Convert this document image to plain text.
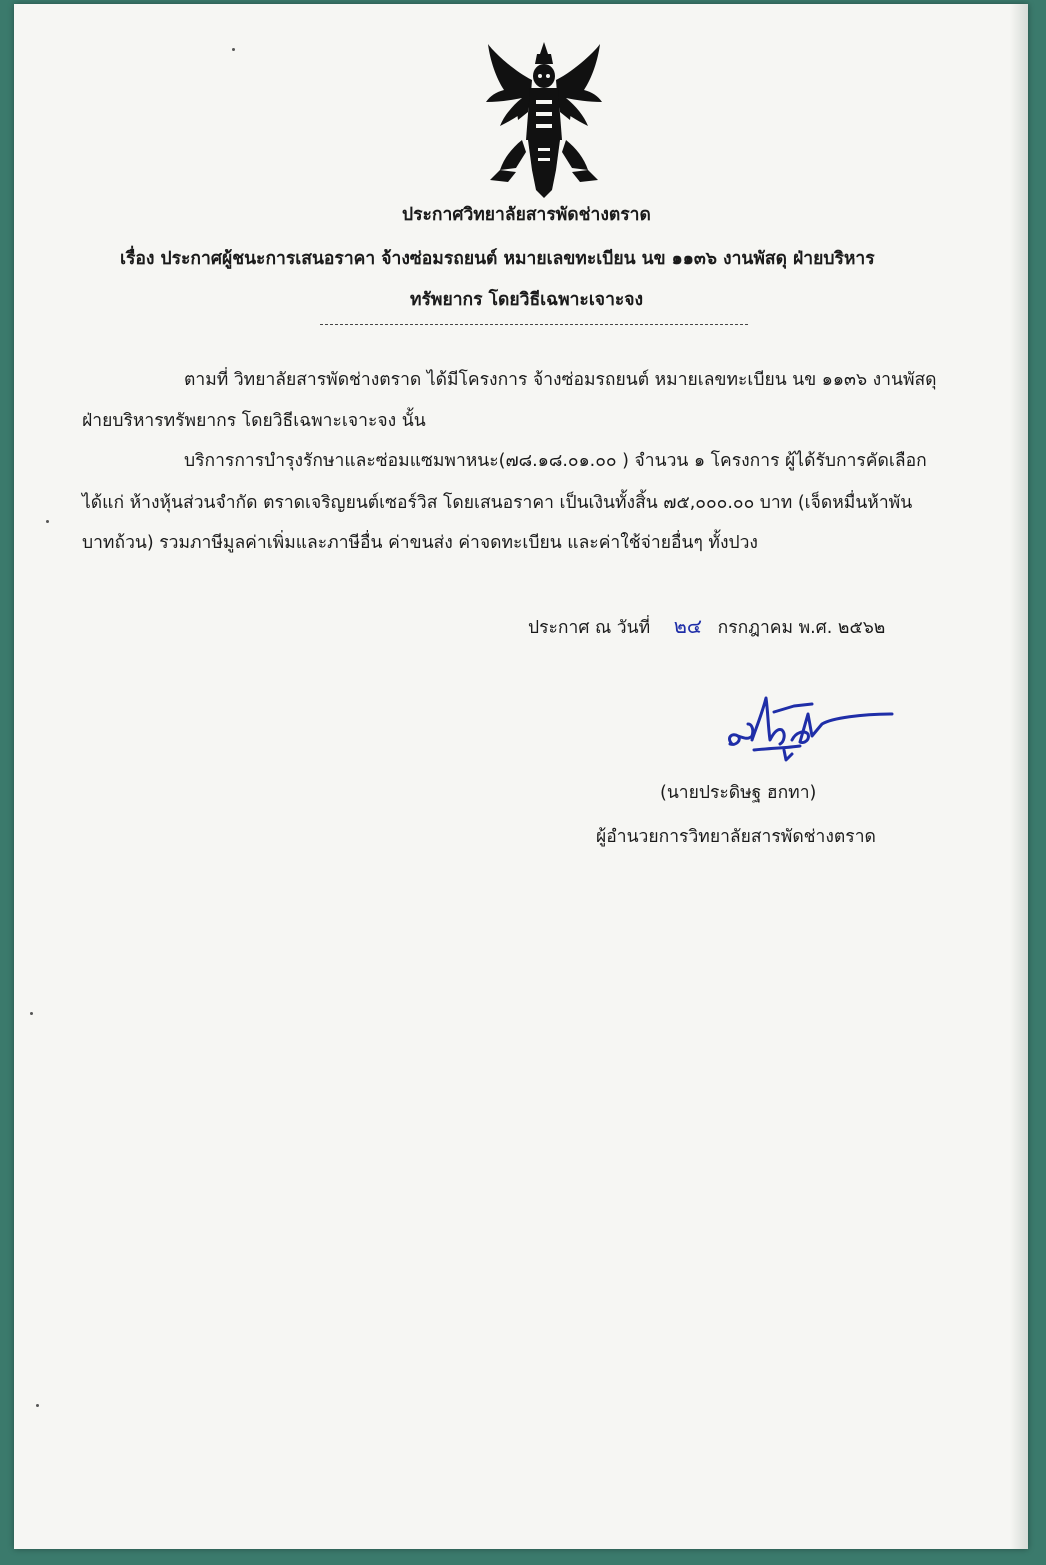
ประกาศวิทยาลัยสารพัดช่างตราด
เรื่อง ประกาศผู้ชนะการเสนอราคา จ้างซ่อมรถยนต์ หมายเลขทะเบียน นข ๑๑๓๖ งานพัสดุ ฝ่ายบริหาร
ทรัพยากร โดยวิธีเฉพาะเจาะจง
ตามที่ วิทยาลัยสารพัดช่างตราด ได้มีโครงการ จ้างซ่อมรถยนต์ หมายเลขทะเบียน นข ๑๑๓๖ งานพัสดุ
ฝ่ายบริหารทรัพยากร โดยวิธีเฉพาะเจาะจง นั้น
บริการการบำรุงรักษาและซ่อมแซมพาหนะ(๗๘.๑๘.๐๑.๐๐ ) จำนวน ๑ โครงการ ผู้ได้รับการคัดเลือก
ได้แก่ ห้างหุ้นส่วนจำกัด ตราดเจริญยนต์เซอร์วิส โดยเสนอราคา เป็นเงินทั้งสิ้น ๗๕,๐๐๐.๐๐ บาท (เจ็ดหมื่นห้าพัน
บาทถ้วน) รวมภาษีมูลค่าเพิ่มและภาษีอื่น ค่าขนส่ง ค่าจดทะเบียน และค่าใช้จ่ายอื่นๆ ทั้งปวง
ประกาศ ณ วันที่ ๒๔ กรกฎาคม พ.ศ. ๒๕๖๒
(นายประดิษฐ ฮกทา)
ผู้อำนวยการวิทยาลัยสารพัดช่างตราด
